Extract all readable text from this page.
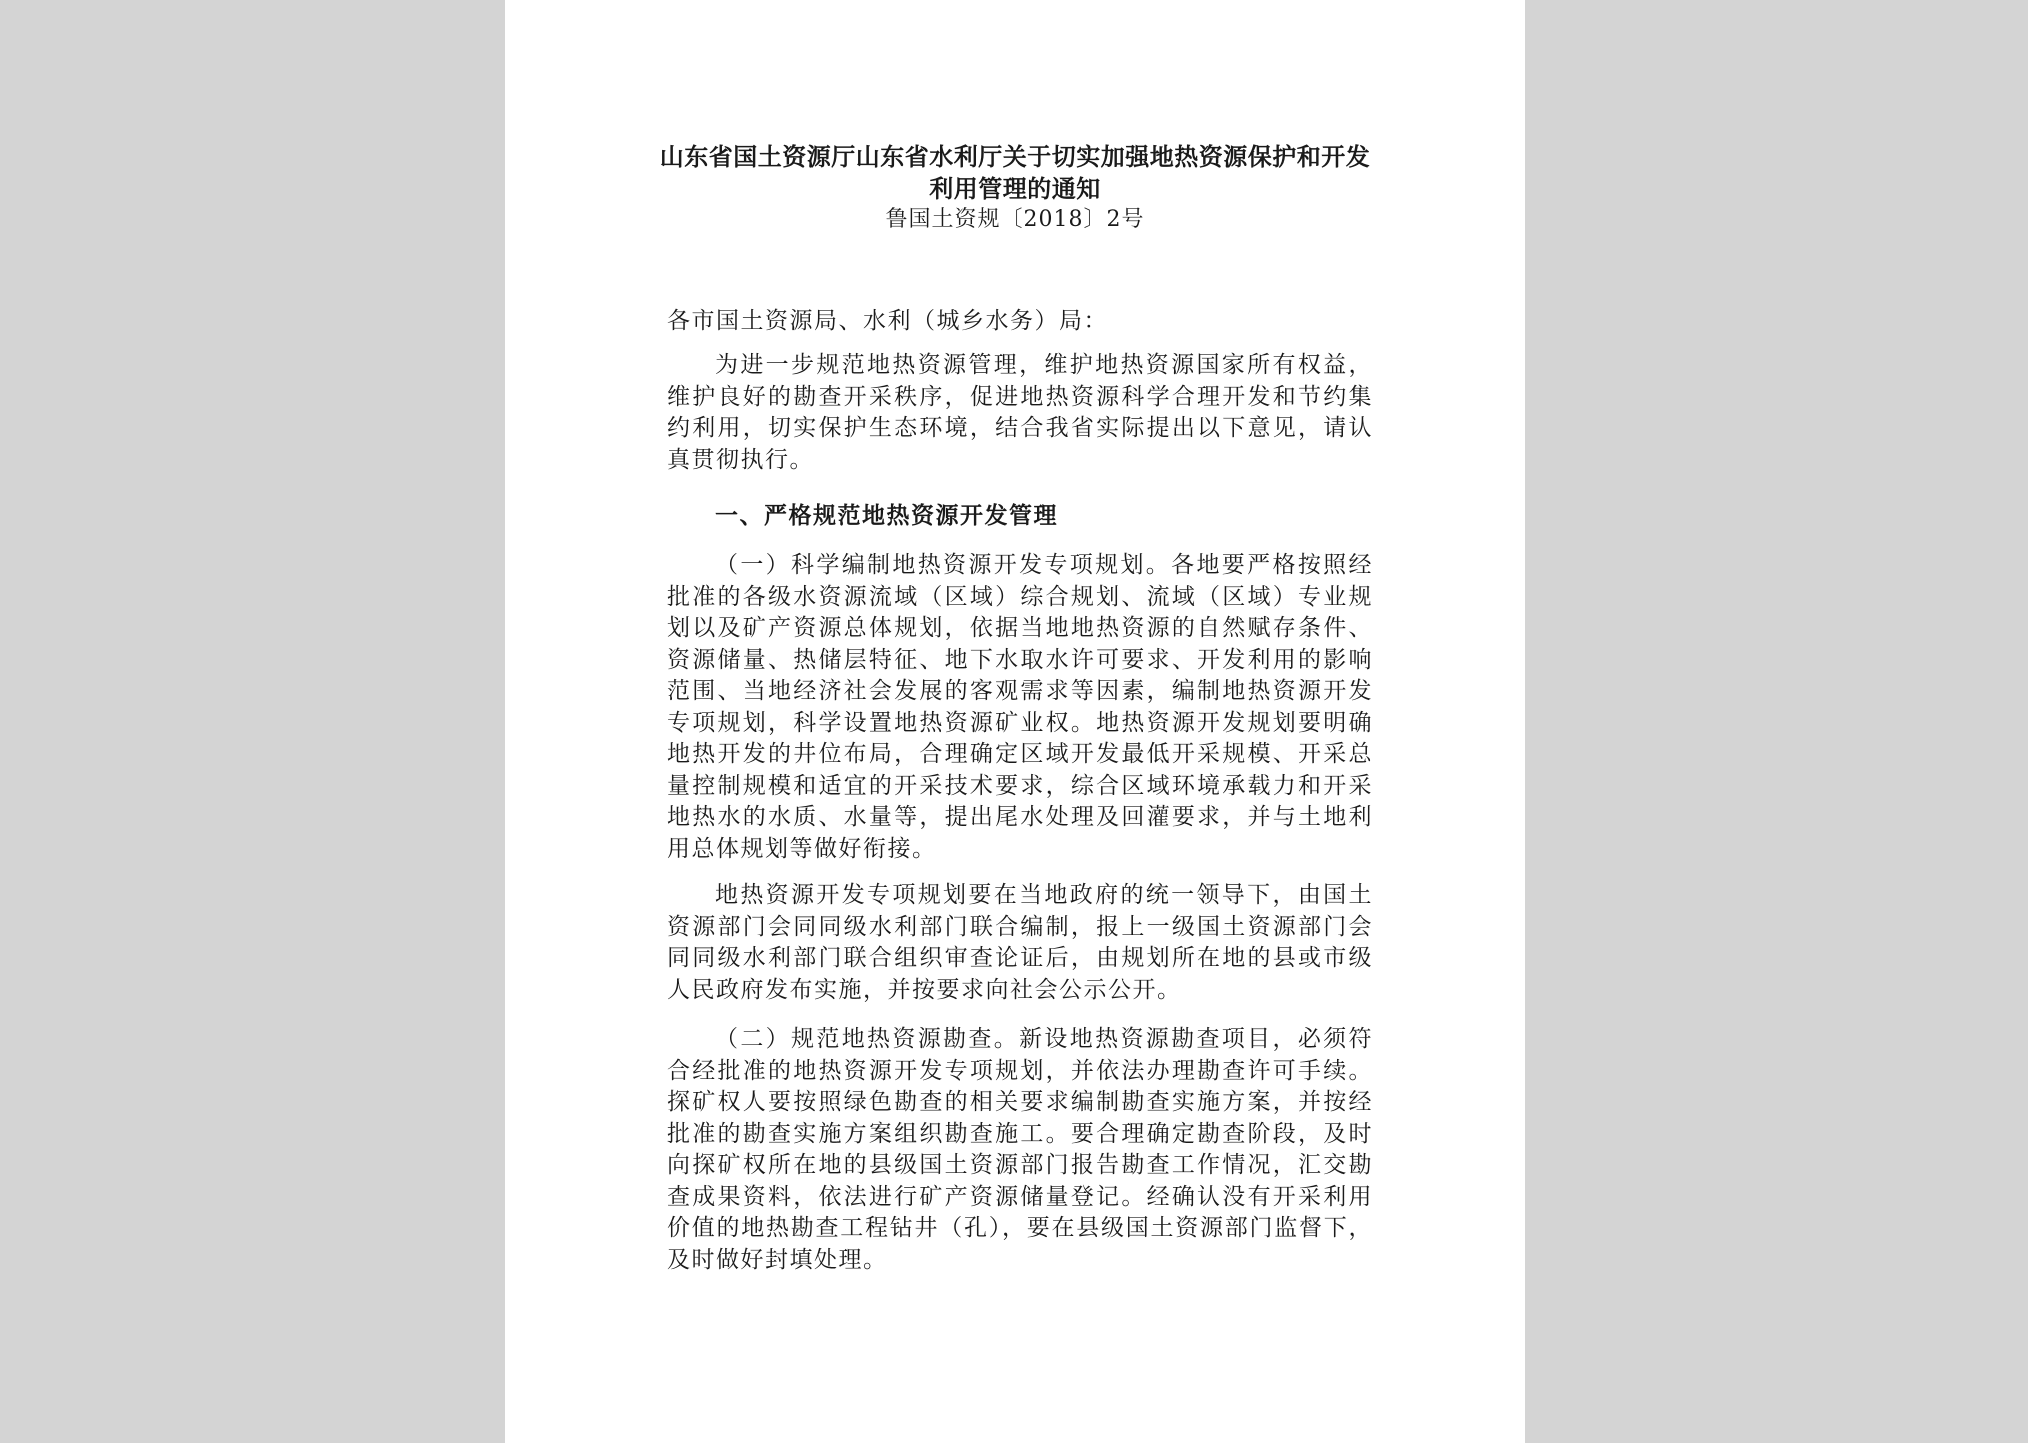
山东省国土资源厅山东省水利厅关于切实加强地热资源保护和开发
利用管理的通知
鲁国土资规〔2018〕2号

各市国土资源局、水利（城乡水务）局：

为进一步规范地热资源管理，维护地热资源国家所有权益，维护良好的勘查开采秩序，促进地热资源科学合理开发和节约集约利用，切实保护生态环境，结合我省实际提出以下意见，请认真贯彻执行。

一、严格规范地热资源开发管理

（一）科学编制地热资源开发专项规划。各地要严格按照经批准的各级水资源流域（区域）综合规划、流域（区域）专业规划以及矿产资源总体规划，依据当地地热资源的自然赋存条件、资源储量、热储层特征、地下水取水许可要求、开发利用的影响范围、当地经济社会发展的客观需求等因素，编制地热资源开发专项规划，科学设置地热资源矿业权。地热资源开发规划要明确地热开发的井位布局，合理确定区域开发最低开采规模、开采总量控制规模和适宜的开采技术要求，综合区域环境承载力和开采地热水的水质、水量等，提出尾水处理及回灌要求，并与土地利用总体规划等做好衔接。

地热资源开发专项规划要在当地政府的统一领导下，由国土资源部门会同同级水利部门联合编制，报上一级国土资源部门会同同级水利部门联合组织审查论证后，由规划所在地的县或市级人民政府发布实施，并按要求向社会公示公开。

（二）规范地热资源勘查。新设地热资源勘查项目，必须符合经批准的地热资源开发专项规划，并依法办理勘查许可手续。探矿权人要按照绿色勘查的相关要求编制勘查实施方案，并按经批准的勘查实施方案组织勘查施工。要合理确定勘查阶段，及时向探矿权所在地的县级国土资源部门报告勘查工作情况，汇交勘查成果资料，依法进行矿产资源储量登记。经确认没有开采利用价值的地热勘查工程钻井（孔），要在县级国土资源部门监督下，及时做好封填处理。
